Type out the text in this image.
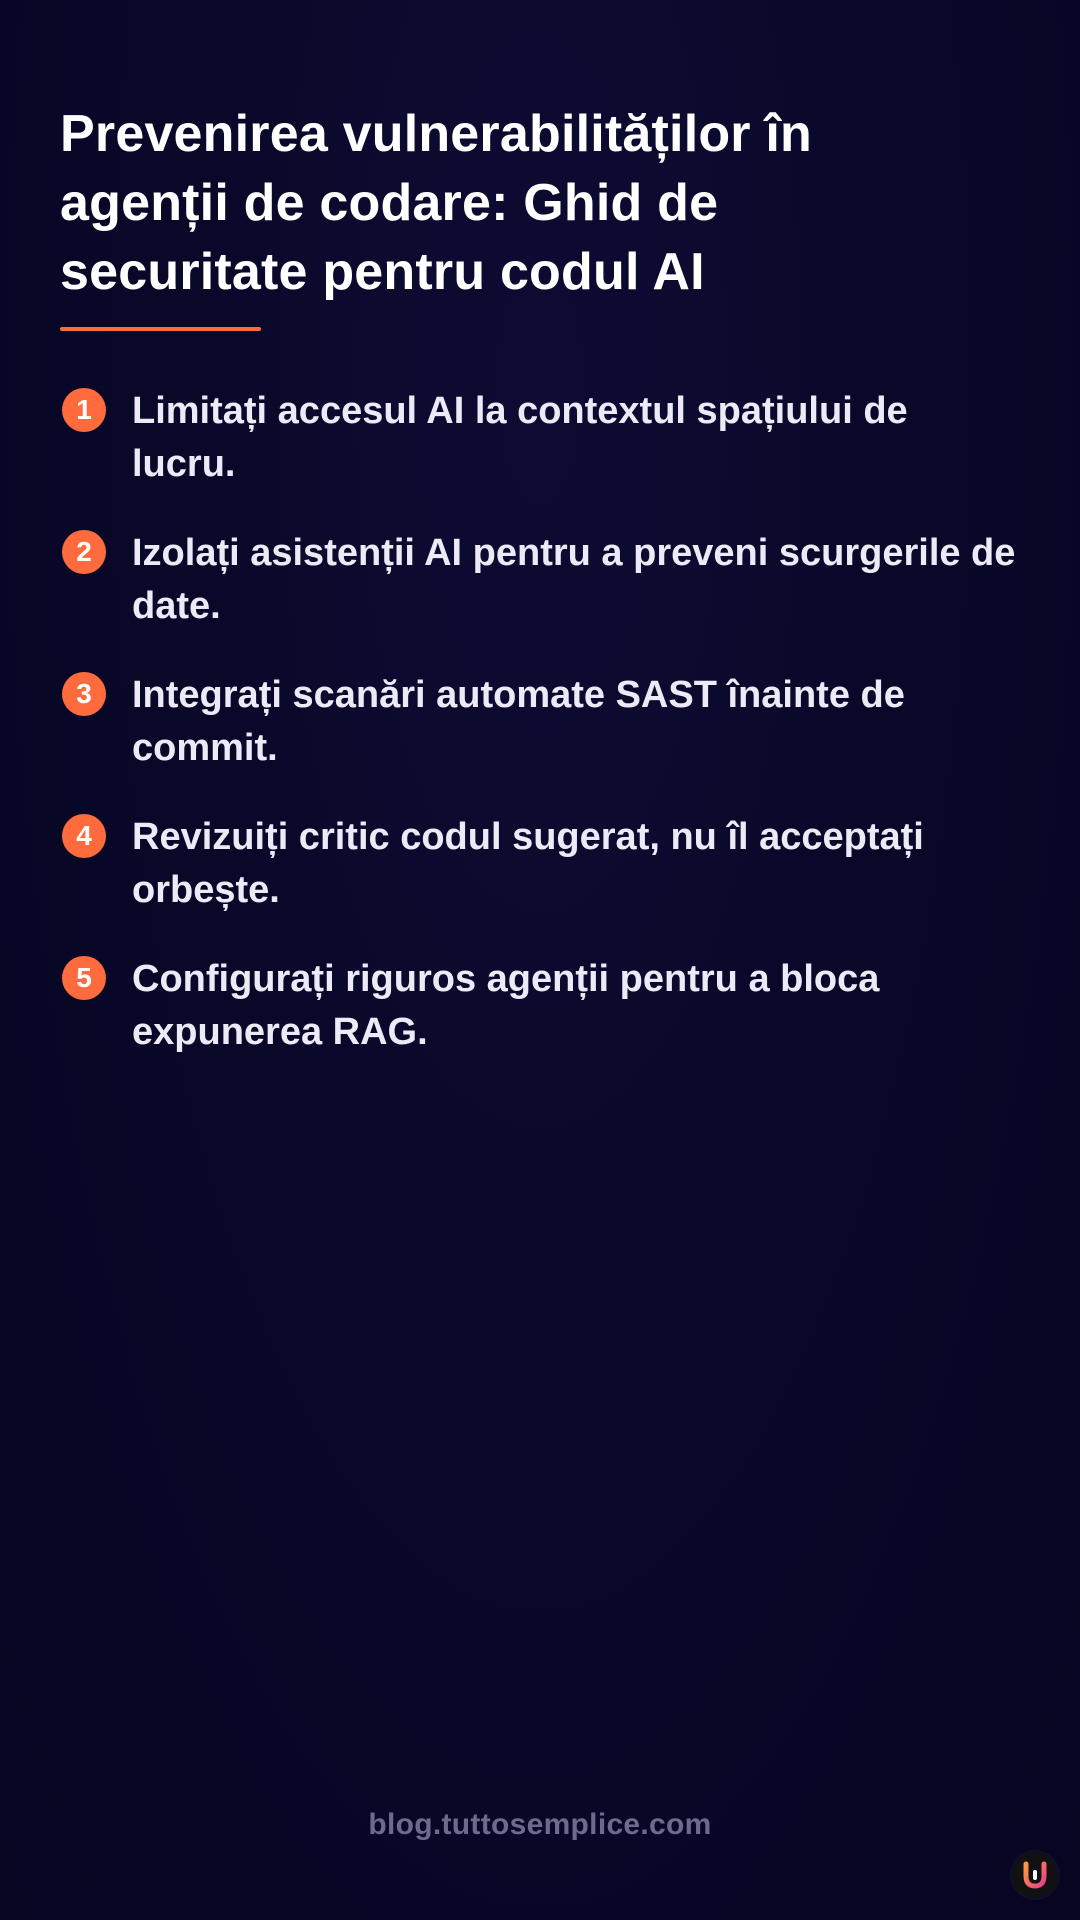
Prevenirea vulnerabilităților în agenții de codare: Ghid de securitate pentru codul AI
1	Limitați accesul AI la contextul spațiului de lucru.
2	Izolați asistenții AI pentru a preveni scurgerile de date.
3	Integrați scanări automate SAST înainte de commit.
4	Revizuiți critic codul sugerat, nu îl acceptați orbește.
5	Configurați riguros agenții pentru a bloca expunerea RAG.
blog.tuttosemplice.com
